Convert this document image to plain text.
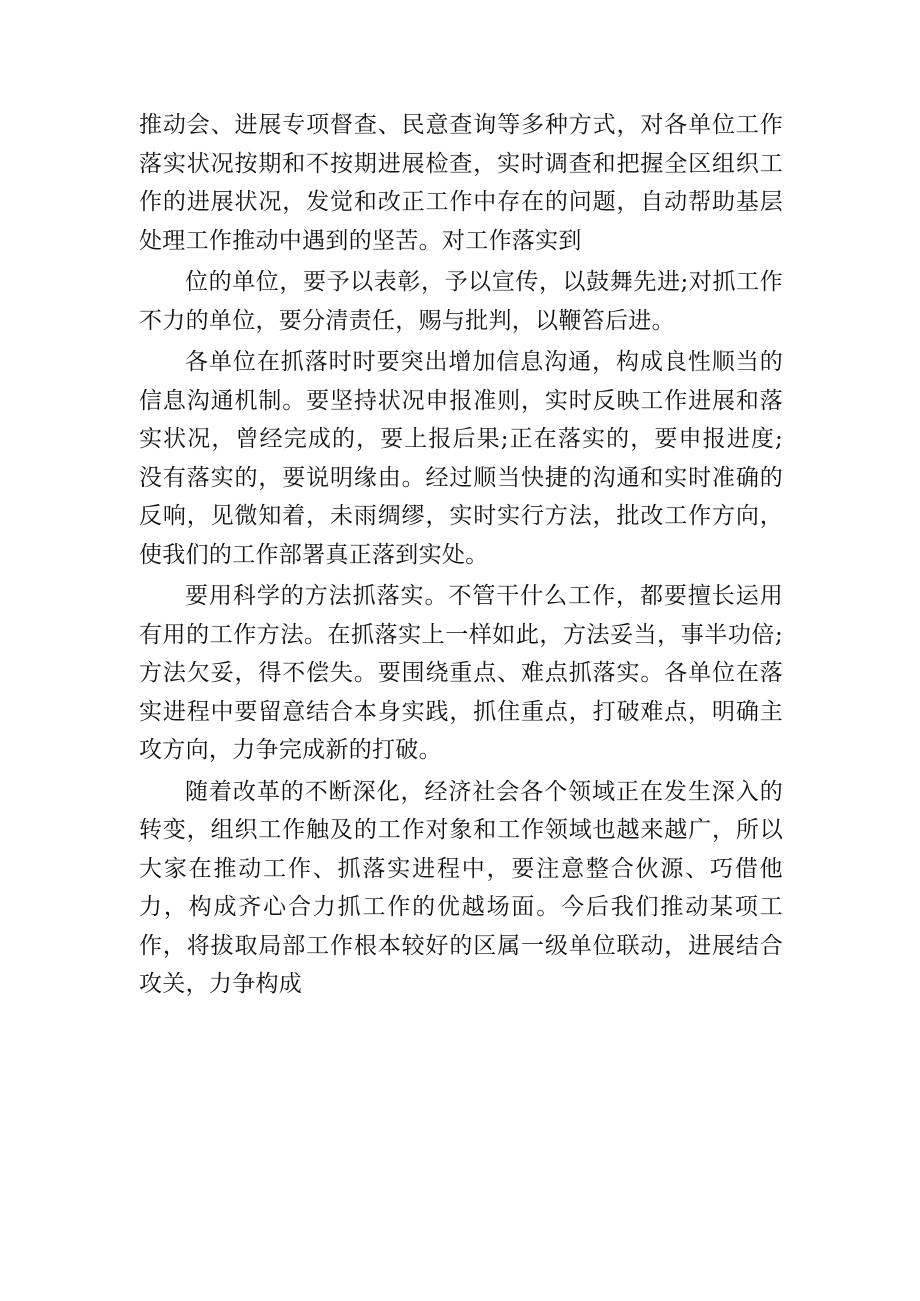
推动会、进展专项督查、民意查询等多种方式，对各单位工作落实状况按期和不按期进展检查，实时调查和把握全区组织工作的进展状况，发觉和改正工作中存在的问题，自动帮助基层处理工作推动中遇到的坚苦。对工作落实到

位的单位，要予以表彰，予以宣传，以鼓舞先进;对抓工作不力的单位，要分清责任，赐与批判，以鞭笞后进。

各单位在抓落时时要突出增加信息沟通，构成良性顺当的信息沟通机制。要坚持状况申报准则，实时反映工作进展和落实状况，曾经完成的，要上报后果;正在落实的，要申报进度;没有落实的，要说明缘由。经过顺当快捷的沟通和实时准确的反响，见微知着，未雨绸缪，实时实行方法，批改工作方向，使我们的工作部署真正落到实处。

要用科学的方法抓落实。不管干什么工作，都要擅长运用有用的工作方法。在抓落实上一样如此，方法妥当，事半功倍;方法欠妥，得不偿失。要围绕重点、难点抓落实。各单位在落实进程中要留意结合本身实践，抓住重点，打破难点，明确主攻方向，力争完成新的打破。

随着改革的不断深化，经济社会各个领域正在发生深入的转变，组织工作触及的工作对象和工作领域也越来越广，所以大家在推动工作、抓落实进程中，要注意整合伙源、巧借他力，构成齐心合力抓工作的优越场面。今后我们推动某项工作，将拔取局部工作根本较好的区属一级单位联动，进展结合攻关，力争构成
